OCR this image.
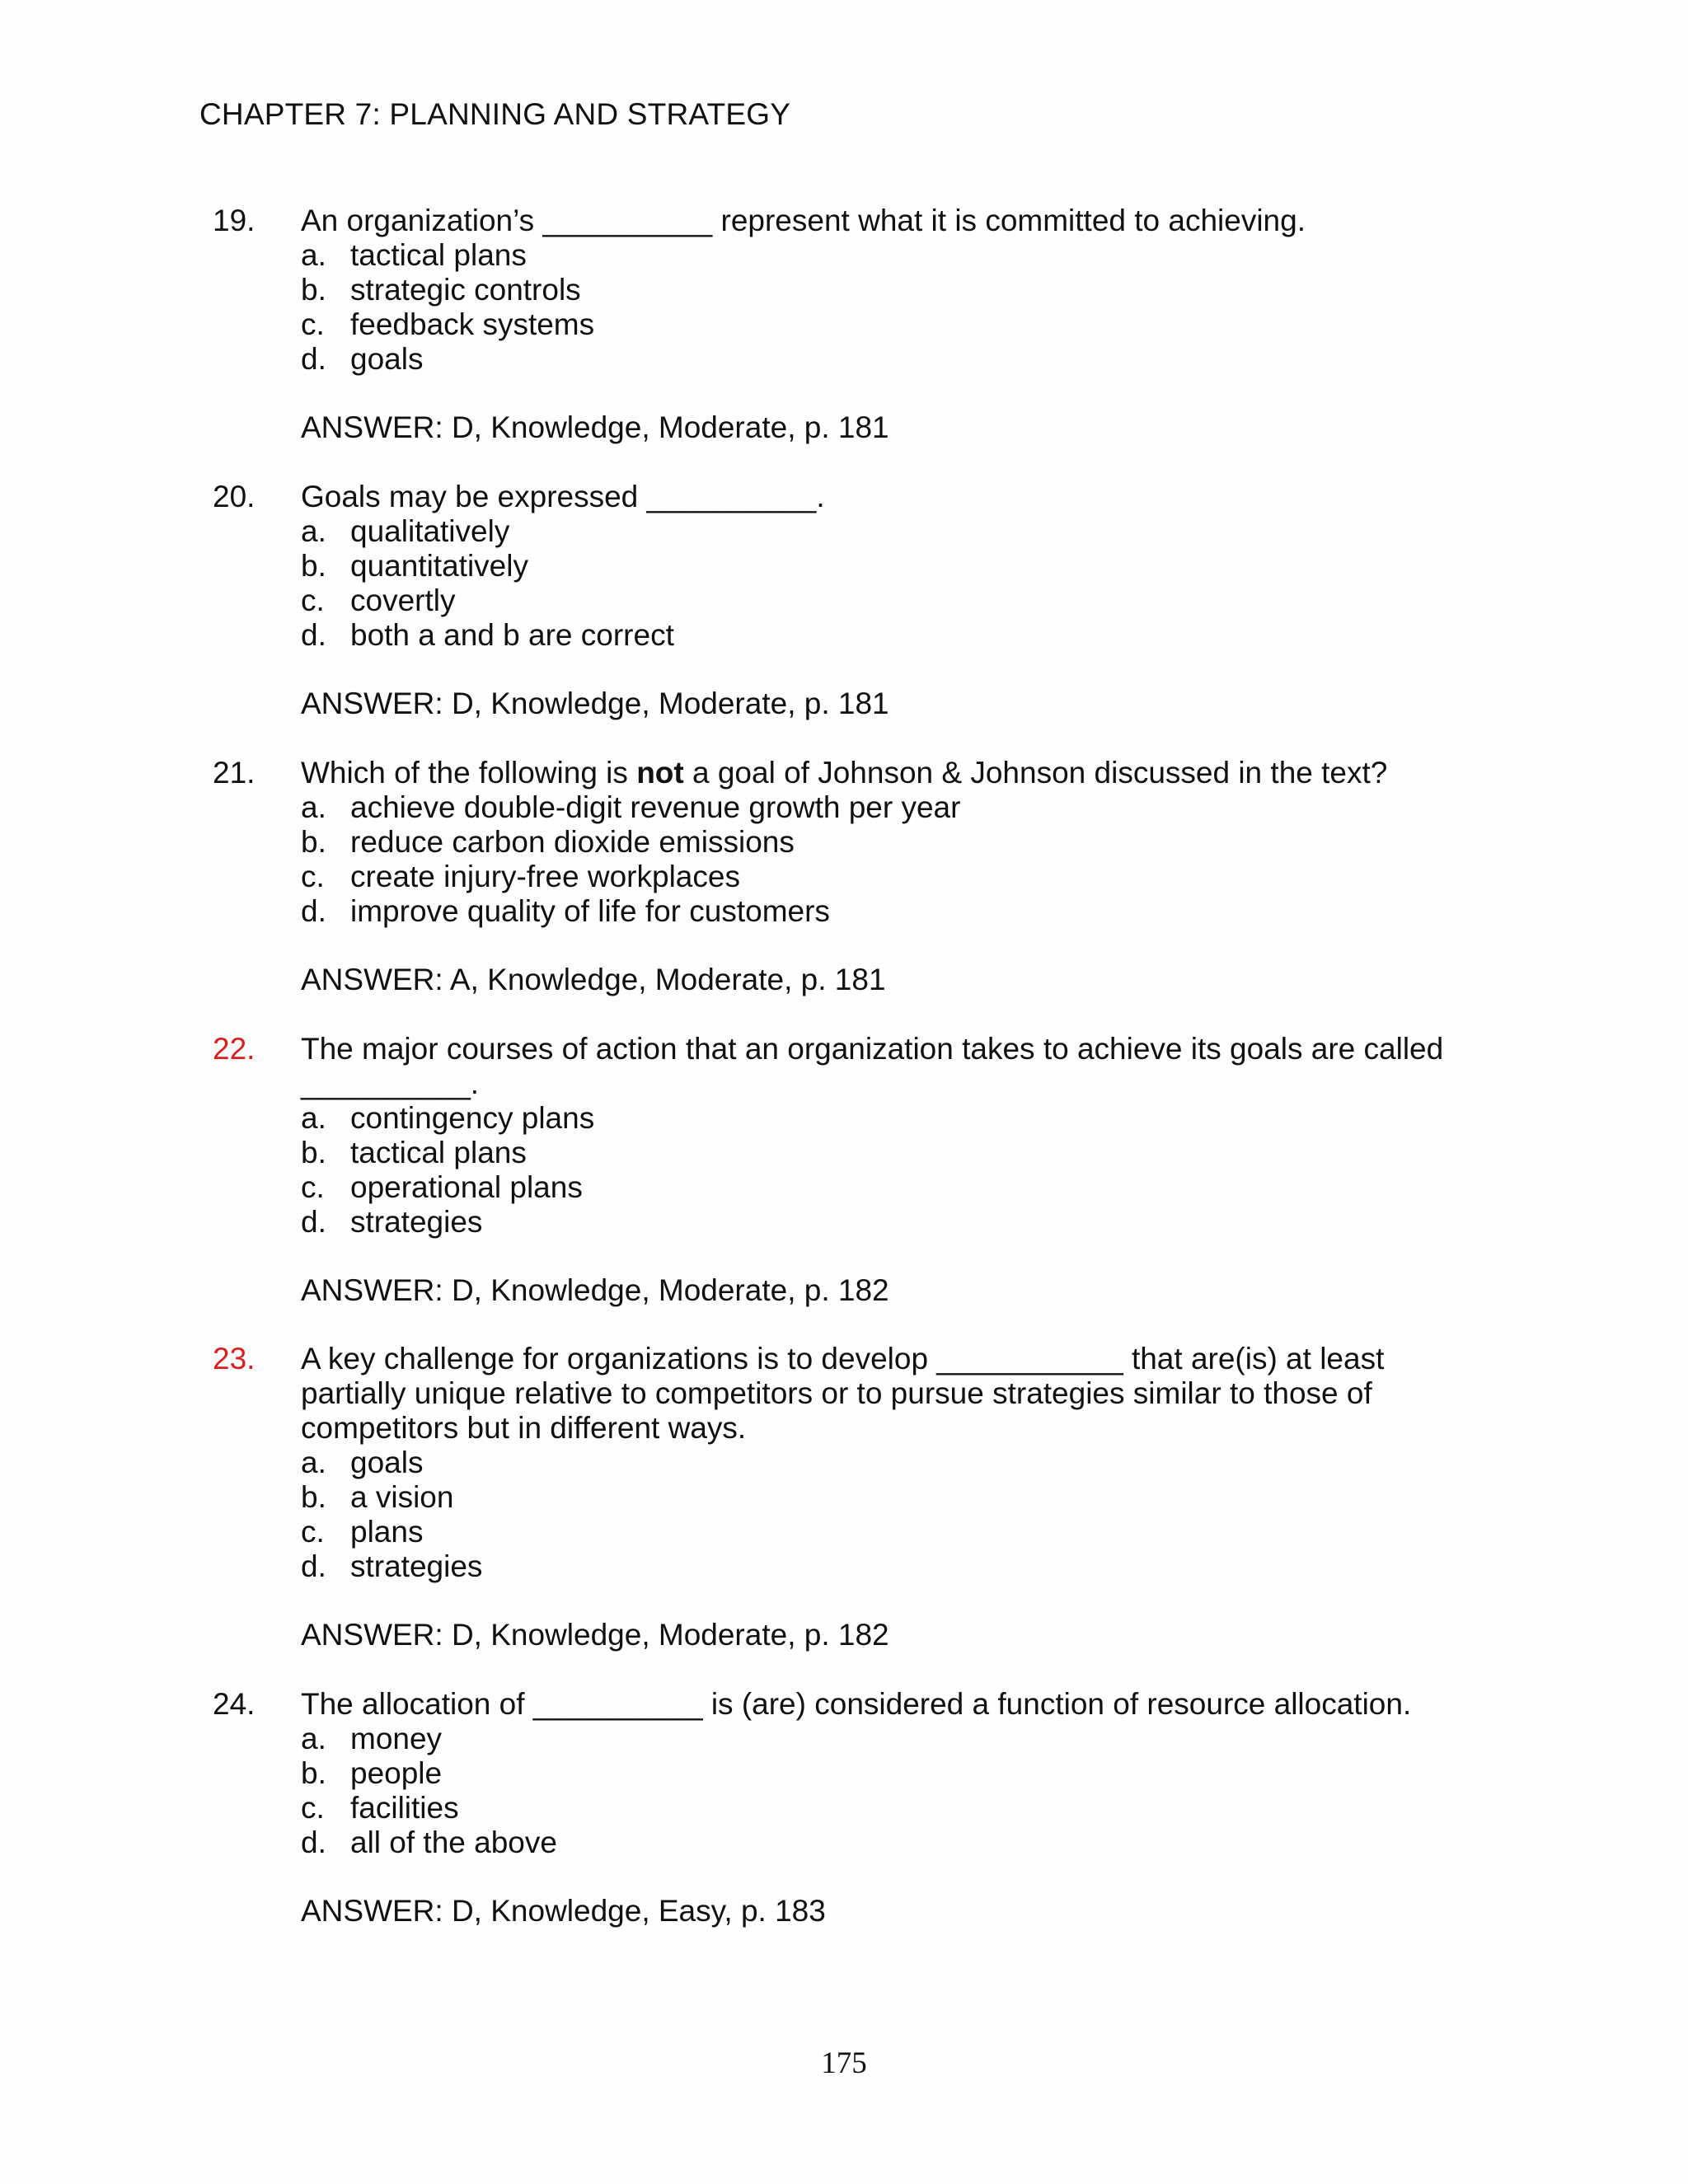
CHAPTER 7: PLANNING AND STRATEGY
19. An organization’s __________ represent what it is committed to achieving.
a. tactical plans
b. strategic controls
c. feedback systems
d. goals
ANSWER: D, Knowledge, Moderate, p. 181
20. Goals may be expressed __________.
a. qualitatively
b. quantitatively
c. covertly
d. both a and b are correct
ANSWER: D, Knowledge, Moderate, p. 181
21. Which of the following is not a goal of Johnson & Johnson discussed in the text?
a. achieve double-digit revenue growth per year
b. reduce carbon dioxide emissions
c. create injury-free workplaces
d. improve quality of life for customers
ANSWER: A, Knowledge, Moderate, p. 181
22. The major courses of action that an organization takes to achieve its goals are called __________.
a. contingency plans
b. tactical plans
c. operational plans
d. strategies
ANSWER: D, Knowledge, Moderate, p. 182
23. A key challenge for organizations is to develop ___________ that are(is) at least partially unique relative to competitors or to pursue strategies similar to those of competitors but in different ways.
a. goals
b. a vision
c. plans
d. strategies
ANSWER: D, Knowledge, Moderate, p. 182
24. The allocation of __________ is (are) considered a function of resource allocation.
a. money
b. people
c. facilities
d. all of the above
ANSWER: D, Knowledge, Easy, p. 183
175
